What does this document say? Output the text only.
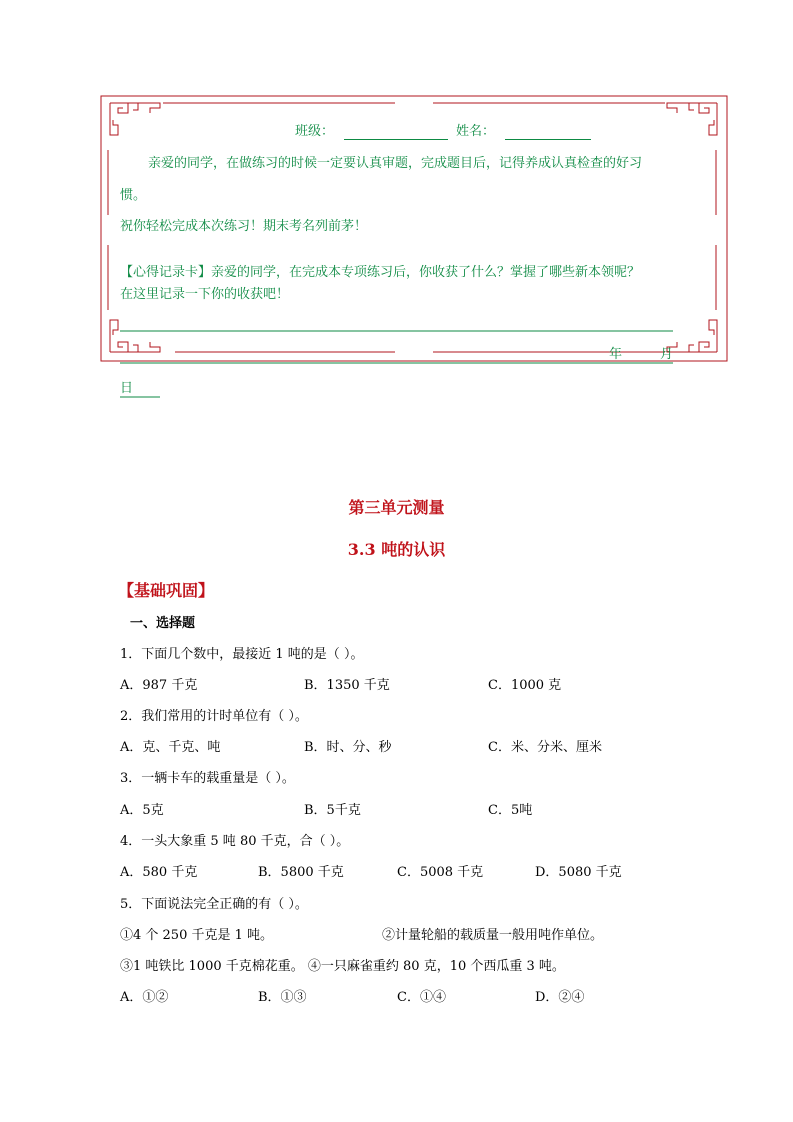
班级：	姓名：
亲爱的同学，在做练习的时候一定要认真审题，完成题目后，记得养成认真检查的好习
惯。
祝你轻松完成本次练习！期末考名列前茅！
【心得记录卡】亲爱的同学，在完成本专项练习后，你收获了什么？掌握了哪些新本领呢？
在这里记录一下你的收获吧！
年	月
日
第三单元测量
3.3 吨的认识
【基础巩固】
一、选择题
1．下面几个数中，最接近 1 吨的是（ ）。
A．987 千克	B．1350 千克	C．1000 克
2．我们常用的计时单位有（ ）。
A．克、千克、吨	B．时、分、秒	C．米、分米、厘米
3．一辆卡车的载重量是（ ）。
A．5克	B．5千克	C．5吨
4．一头大象重 5 吨 80 千克，合（ ）。
A．580 千克	B．5800 千克	C．5008 千克	D．5080 千克
5．下面说法完全正确的有（ ）。
①4 个 250 千克是 1 吨。	②计量轮船的载质量一般用吨作单位。
③1 吨铁比 1000 千克棉花重。 ④一只麻雀重约 80 克，10 个西瓜重 3 吨。
A．①②	B．①③	C．①④	D．②④
